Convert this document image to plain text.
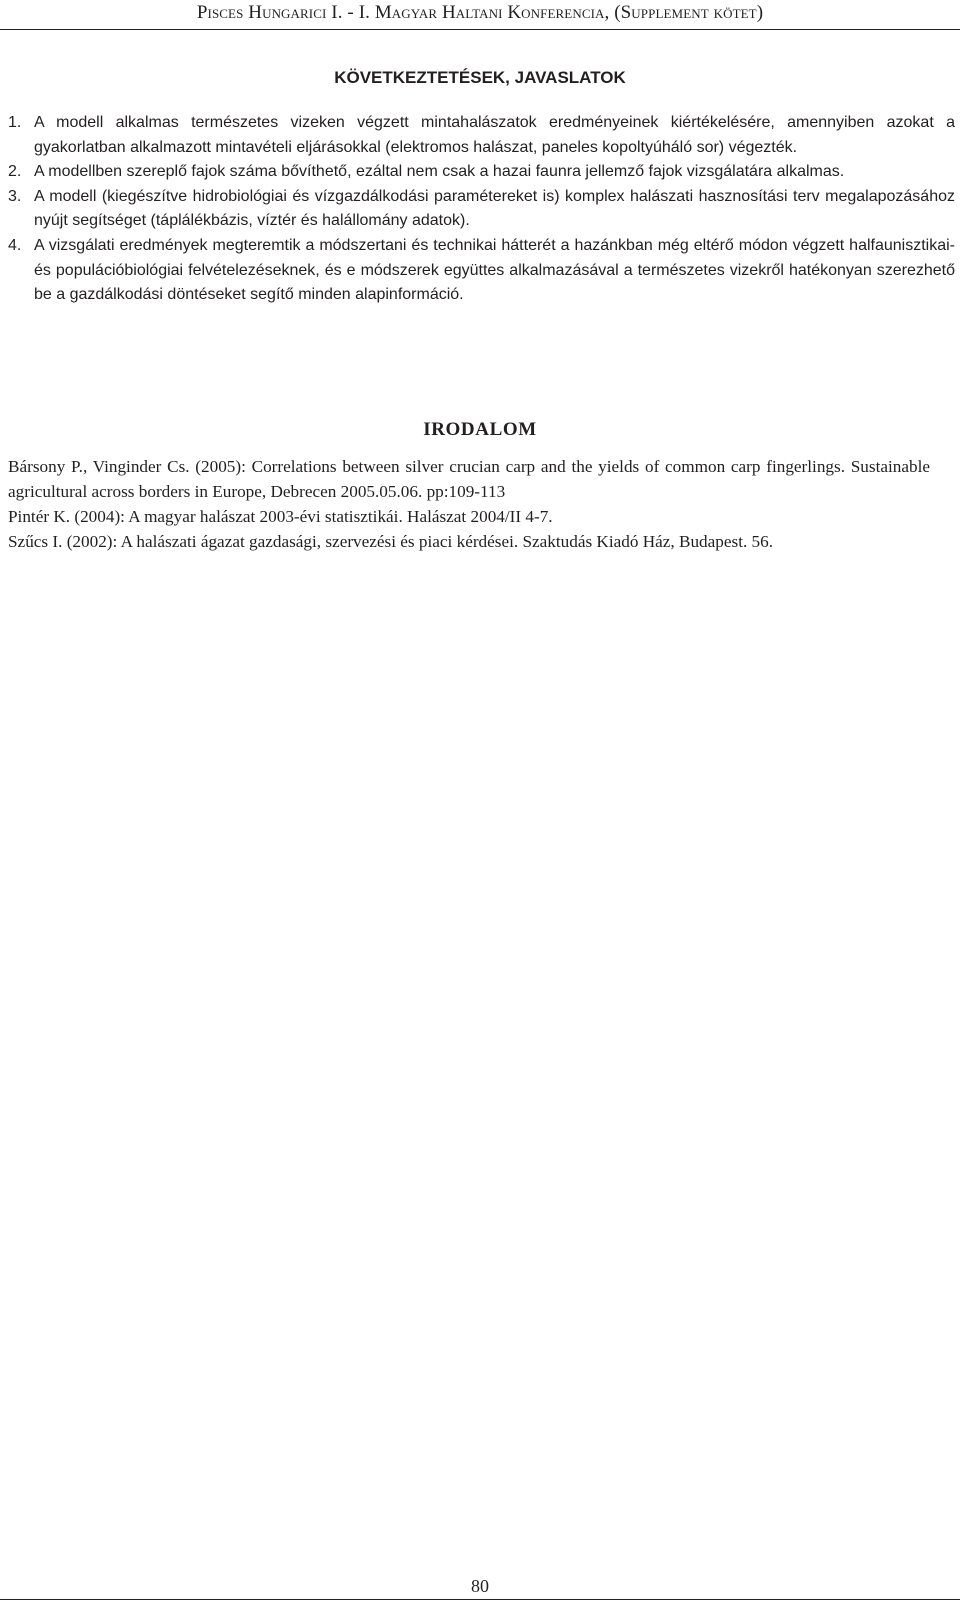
Pisces Hungarici I. - I. Magyar Haltani Konferencia, (Supplement kötet)
KÖVETKEZTETÉSEK, JAVASLATOK
1. A modell alkalmas természetes vizeken végzett mintahalászatok eredményeinek kiértékelésére, amennyiben azokat a gyakorlatban alkalmazott mintavételi eljárásokkal (elektromos halászat, paneles kopoltyúháló sor) végezték.
2. A modellben szereplő fajok száma bővíthető, ezáltal nem csak a hazai faunra jellemző fajok vizsgálatára alkalmas.
3. A modell (kiegészítve hidrobiológiai és vízgazdálkodási paramétereket is) komplex halászati hasznosítási terv megalapozásához nyújt segítséget (táplálékbázis, víztér és halállomány adatok).
4. A vizsgálati eredmények megteremtik a módszertani és technikai hátterét a hazánkban még eltérő módon végzett halfaunisztikai- és populációbiológiai felvételezéseknek, és e módszerek együttes alkalmazásával a természetes vizekről hatékonyan szerezhető be a gazdálkodási döntéseket segítő minden alapinformáció.
IRODALOM
Bársony P., Vinginder Cs. (2005): Correlations between silver crucian carp and the yields of common carp fingerlings. Sustainable agricultural across borders in Europe, Debrecen 2005.05.06. pp:109-113
Pintér K. (2004): A magyar halászat 2003-évi statisztikái. Halászat 2004/II 4-7.
Szűcs I. (2002): A halászati ágazat gazdasági, szervezési és piaci kérdései. Szaktudás Kiadó Ház, Budapest. 56.
80
